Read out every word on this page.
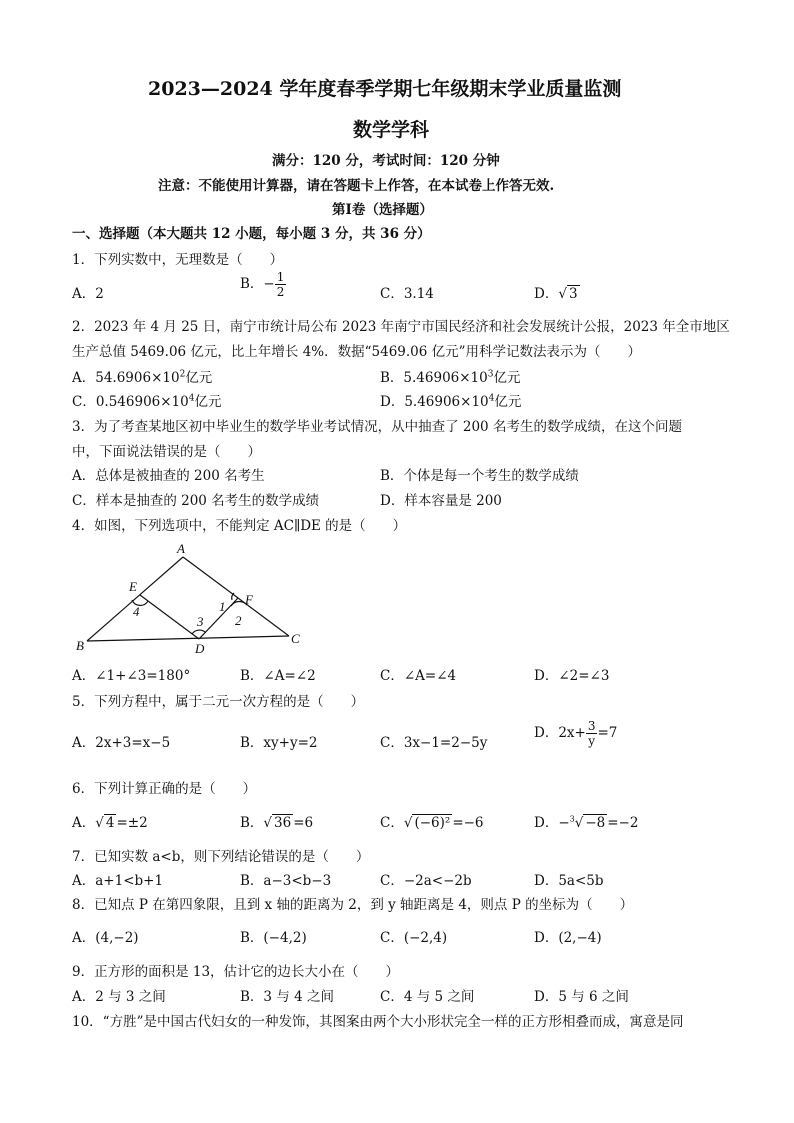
2023—2024 学年度春季学期七年级期末学业质量监测
数学学科
满分：120 分，考试时间：120 分钟
注意：不能使用计算器，请在答题卡上作答，在本试卷上作答无效.
第Ⅰ卷（选择题）
一、选择题（本大题共 12 小题，每小题 3 分，共 36 分）
1．下列实数中，无理数是（　　）
A．2
B．− $\frac{1}{2}$	C．3.14	D．√ 3
2．2023 年 4 月 25 日，南宁市统计局公布 2023 年南宁市国民经济和社会发展统计公报，2023 年全市地区
生产总值 5469.06 亿元，比上年增长 4%．数据“5469.06 亿元”用科学记数法表示为（　　）
A．$54.6906\times 10^2$亿元	B．$5.46906\times 10^3$亿元
C．$0.546906\times 10^4$亿元	D．$5.46906\times 10^4$亿元
3．为了考查某地区初中毕业生的数学毕业考试情况，从中抽查了 200 名考生的数学成绩，在这个问题
中，下面说法错误的是（　　）
A．总体是被抽查的 200 名考生	B．个体是每一个考生的数学成绩
C．样本是抽查的 200 名考生的数学成绩	D．样本容量是 200
4．如图，下列选项中，不能判定 AC∥DE 的是（　　）
A
B	C
D
E
F
1
2
3
4
A．∠1+∠3=180°	B．∠A=∠2	C．∠A=∠4	D．∠2=∠3
5．下列方程中，属于二元一次方程的是（　　）
A．2x+3=x−5	B．xy+y=2	C．3x−1=2−5y
D．$2x+ \frac{3}{y} =7$
6．下列计算正确的是（　　）
A．√ 4 =±2	B．√ 36 =6	C．√ (−6)² =−6	D．−$^3$√ −8 =−2
7．已知实数 a<b，则下列结论错误的是（　　）
A．a+1<b+1	B．a−3<b−3	C．−2a<−2b	D．5a<5b
8．已知点 P 在第四象限，且到 x 轴的距离为 2，到 y 轴距离是 4，则点 P 的坐标为（　　）
A．(4,−2)	B．(−4,2)	C．(−2,4)	D．(2,−4)
9．正方形的面积是 13，估计它的边长大小在（　　）
A．2 与 3 之间	B．3 与 4 之间	C．4 与 5 之间	D．5 与 6 之间
10．“方胜”是中国古代妇女的一种发饰，其图案由两个大小形状完全一样的正方形相叠而成，寓意是同
